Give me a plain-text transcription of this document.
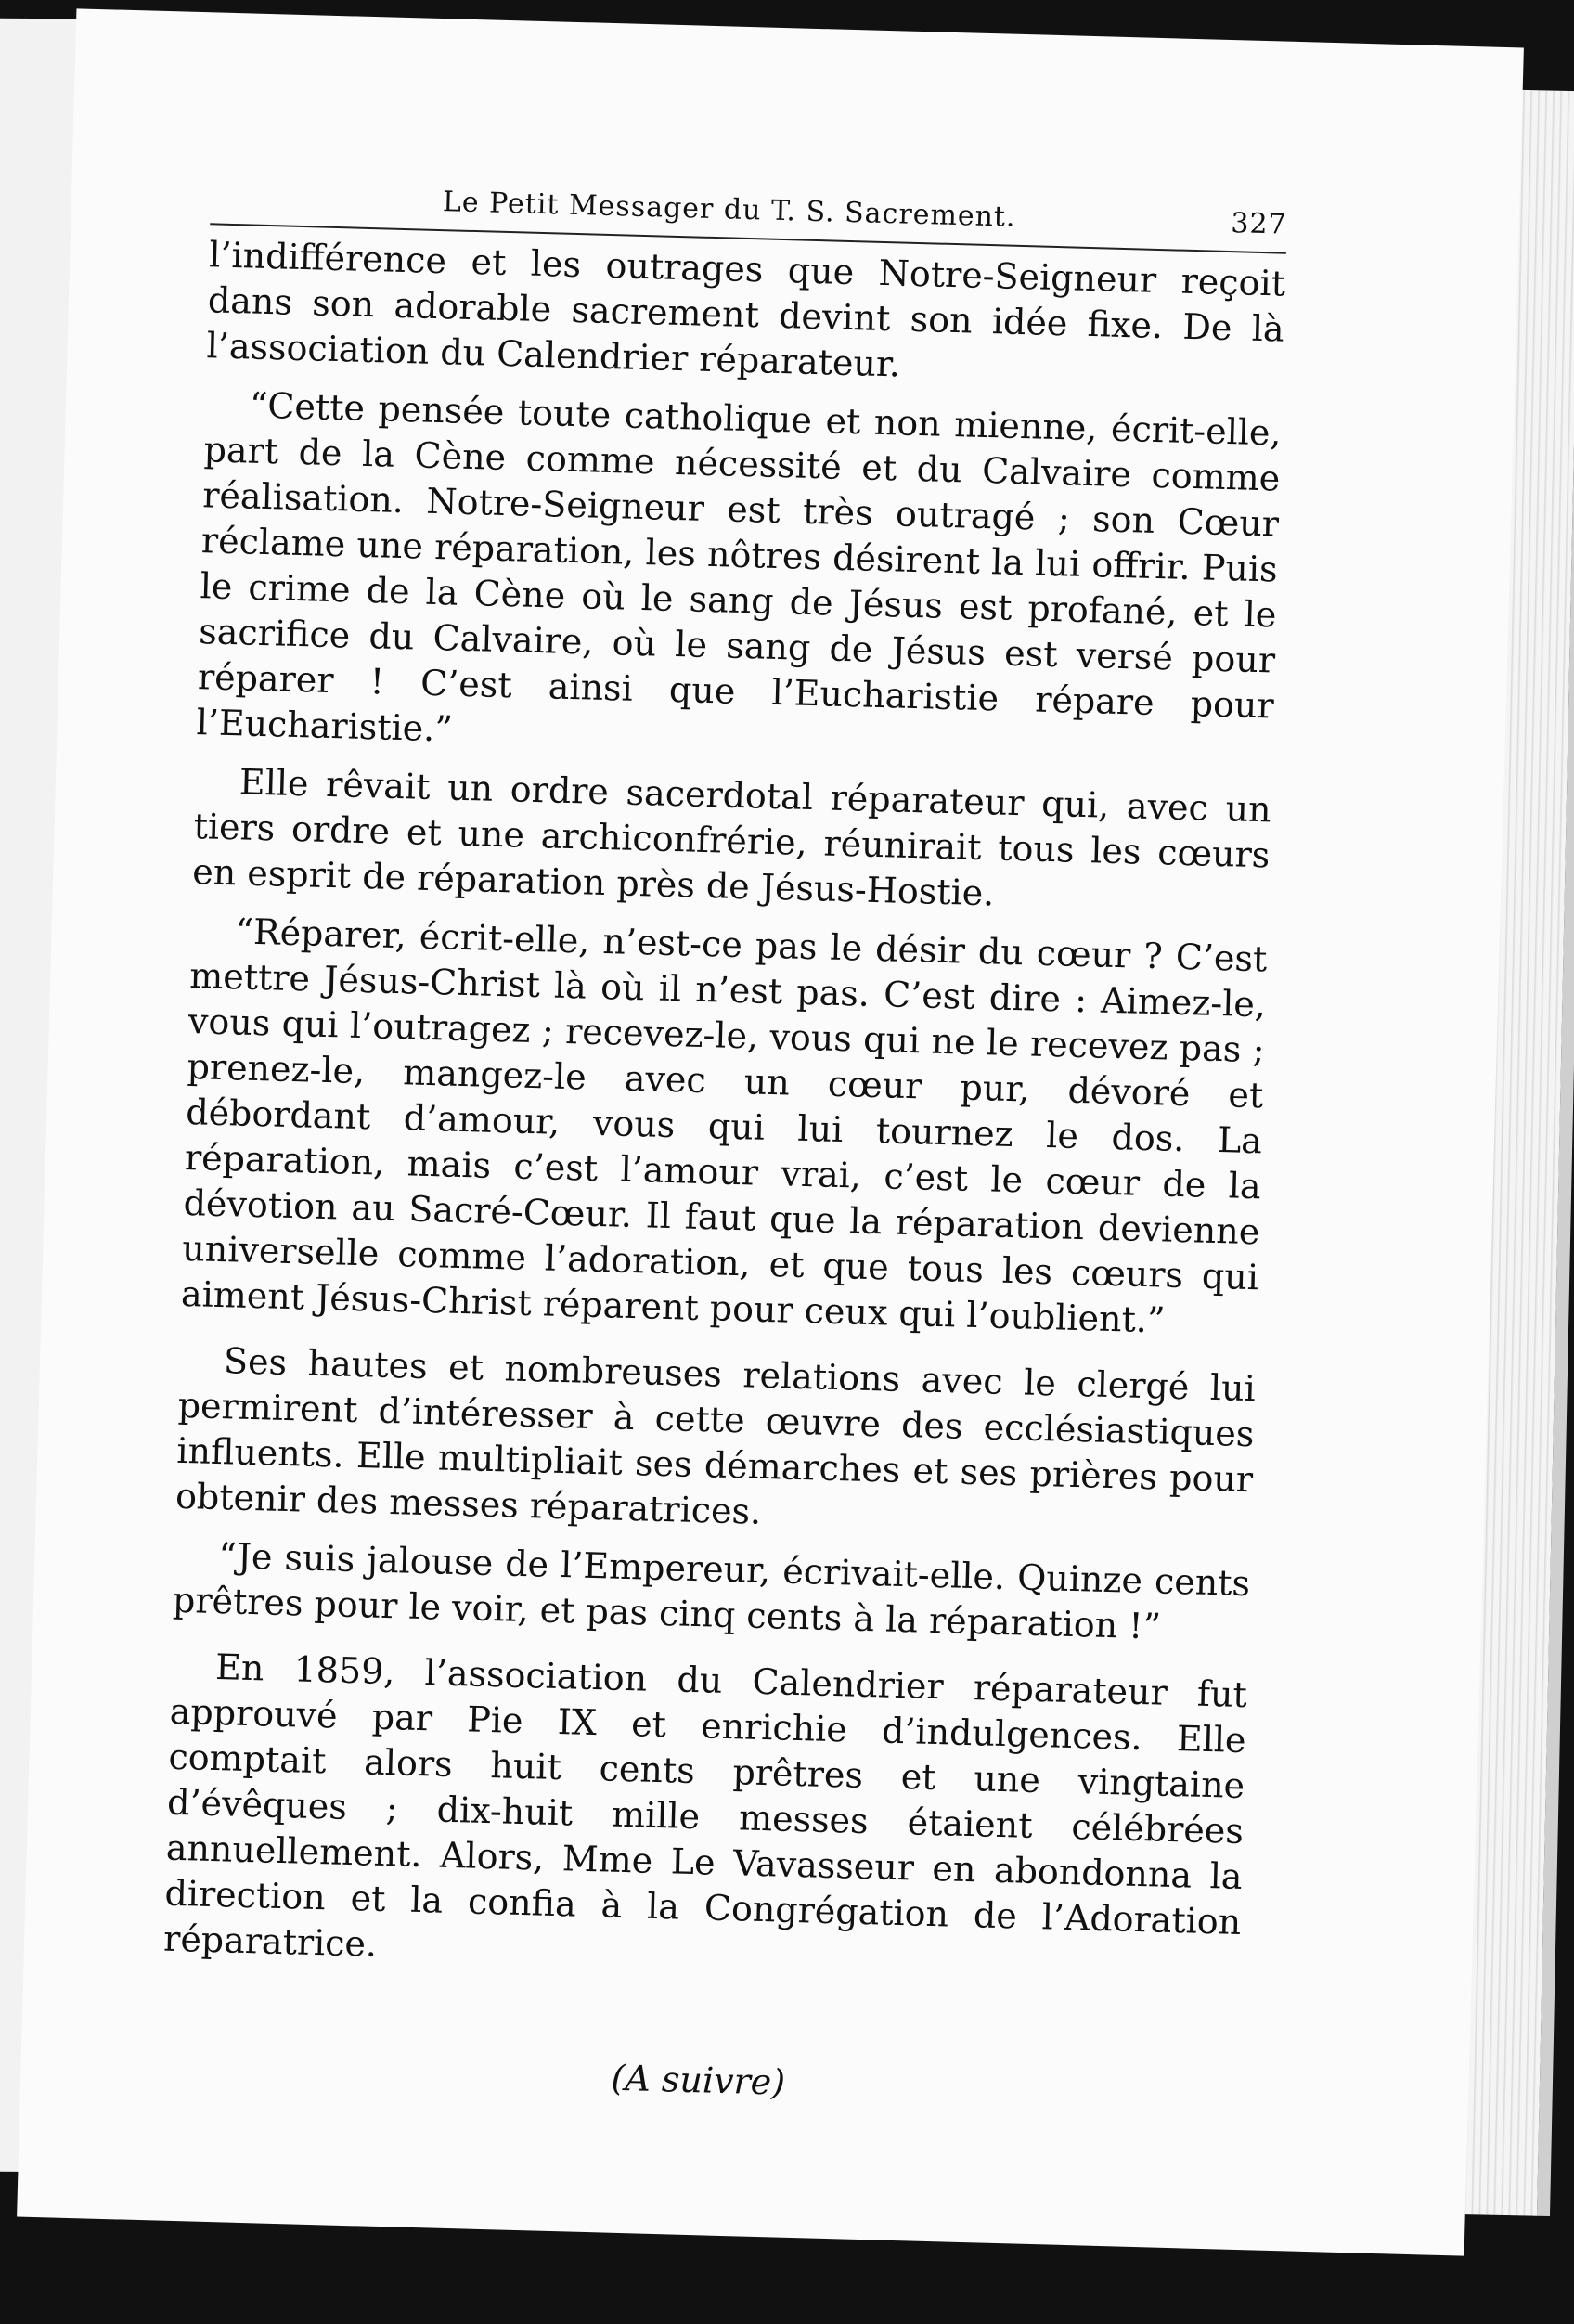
Le Petit Messager du T. S. Sacrement.	327

l’indifférence et les outrages que Notre-Seigneur reçoit dans son adorable sacrement devint son idée fixe. De là l’association du Calendrier réparateur.

“Cette pensée toute catholique et non mienne, écrit-elle, part de la Cène comme nécessité et du Calvaire comme réalisation. Notre-Seigneur est très outragé ; son Cœur réclame une réparation, les nôtres désirent la lui offrir. Puis le crime de la Cène où le sang de Jésus est profané, et le sacrifice du Calvaire, où le sang de Jésus est versé pour réparer ! C’est ainsi que l’Eucharistie répare pour l’Eucharistie.”

Elle rêvait un ordre sacerdotal réparateur qui, avec un tiers ordre et une archiconfrérie, réunirait tous les cœurs en esprit de réparation près de Jésus-Hostie.

“Réparer, écrit-elle, n’est-ce pas le désir du cœur ? C’est mettre Jésus-Christ là où il n’est pas. C’est dire : Aimez-le, vous qui l’outragez ; recevez-le, vous qui ne le recevez pas ; prenez-le, mangez-le avec un cœur pur, dévoré et débordant d’amour, vous qui lui tournez le dos. La réparation, mais c’est l’amour vrai, c’est le cœur de la dévotion au Sacré-Cœur. Il faut que la réparation devienne universelle comme l’adoration, et que tous les cœurs qui aiment Jésus-Christ réparent pour ceux qui l’oublient.”

Ses hautes et nombreuses relations avec le clergé lui permirent d’intéresser à cette œuvre des ecclésiastiques influents. Elle multipliait ses démarches et ses prières pour obtenir des messes réparatrices.

“Je suis jalouse de l’Empereur, écrivait-elle. Quinze cents prêtres pour le voir, et pas cinq cents à la réparation !”

En 1859, l’association du Calendrier réparateur fut approuvé par Pie IX et enrichie d’indulgences. Elle comptait alors huit cents prêtres et une vingtaine d’évêques ; dix-huit mille messes étaient célébrées annuellement. Alors, Mme Le Vavasseur en abondonna la direction et la confia à la Congrégation de l’Adoration réparatrice.

(A suivre)
